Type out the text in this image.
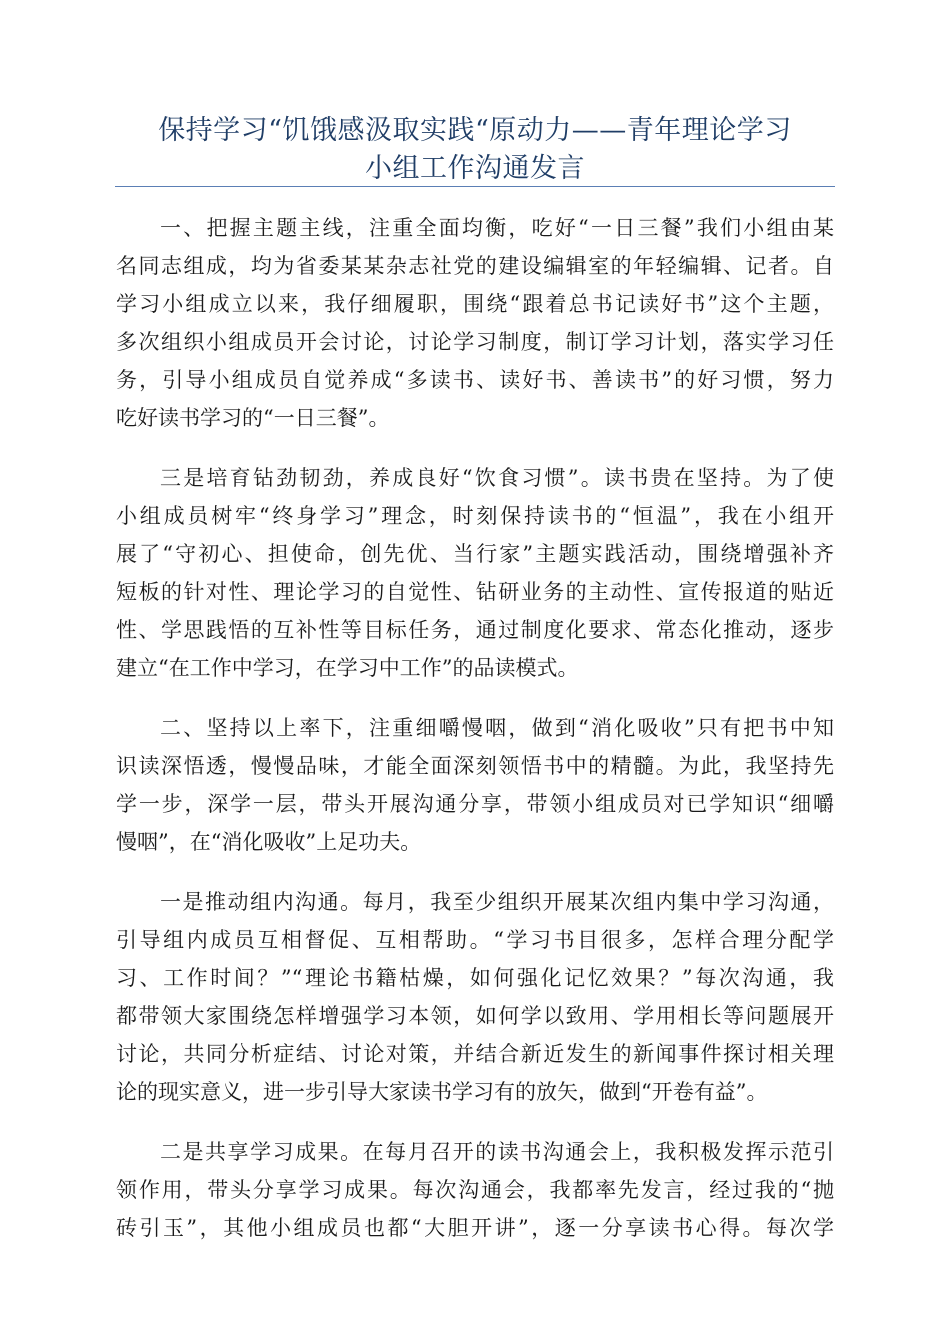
保持学习“饥饿感汲取实践“原动力——青年理论学习
小组工作沟通发言
一、把握主题主线，注重全面均衡，吃好“一日三餐”我们小组由某
名同志组成，均为省委某某杂志社党的建设编辑室的年轻编辑、记者。自
学习小组成立以来，我仔细履职，围绕“跟着总书记读好书”这个主题，
多次组织小组成员开会讨论，讨论学习制度，制订学习计划，落实学习任
务，引导小组成员自觉养成“多读书、读好书、善读书”的好习惯，努力
吃好读书学习的“一日三餐”。
三是培育钻劲韧劲，养成良好“饮食习惯”。读书贵在坚持。为了使
小组成员树牢“终身学习”理念，时刻保持读书的“恒温”，我在小组开
展了“守初心、担使命，创先优、当行家”主题实践活动，围绕增强补齐
短板的针对性、理论学习的自觉性、钻研业务的主动性、宣传报道的贴近
性、学思践悟的互补性等目标任务，通过制度化要求、常态化推动，逐步
建立“在工作中学习，在学习中工作”的品读模式。
二、坚持以上率下，注重细嚼慢咽，做到“消化吸收”只有把书中知
识读深悟透，慢慢品味，才能全面深刻领悟书中的精髓。为此，我坚持先
学一步，深学一层，带头开展沟通分享，带领小组成员对已学知识“细嚼
慢咽”，在“消化吸收”上足功夫。
一是推动组内沟通。每月，我至少组织开展某次组内集中学习沟通，
引导组内成员互相督促、互相帮助。“学习书目很多，怎样合理分配学
习、工作时间？”“理论书籍枯燥，如何强化记忆效果？”每次沟通，我
都带领大家围绕怎样增强学习本领，如何学以致用、学用相长等问题展开
讨论，共同分析症结、讨论对策，并结合新近发生的新闻事件探讨相关理
论的现实意义，进一步引导大家读书学习有的放矢，做到“开卷有益”。
二是共享学习成果。在每月召开的读书沟通会上，我积极发挥示范引
领作用，带头分享学习成果。每次沟通会，我都率先发言，经过我的“抛
砖引玉”，其他小组成员也都“大胆开讲”，逐一分享读书心得。每次学
